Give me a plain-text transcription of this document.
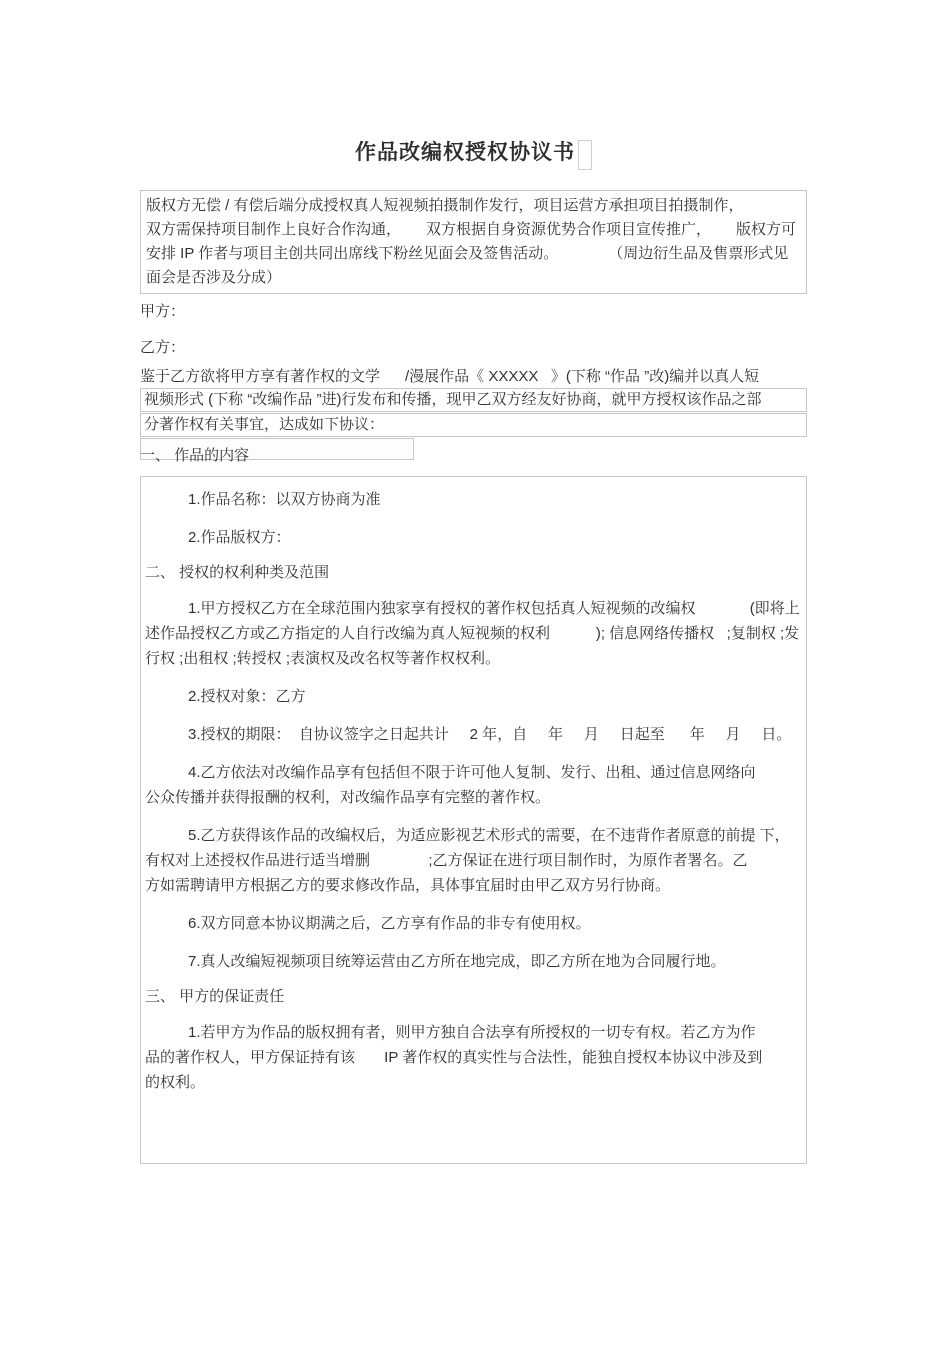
作品改编权授权协议书
版权方无偿 / 有偿后端分成授权真人短视频拍摄制作发行，项目运营方承担项目拍摄制作，
双方需保持项目制作上良好合作沟通，      双方根据自身资源优势合作项目宣传推广，      版权方可
安排 IP 作者与项目主创共同出席线下粉丝见面会及签售活动。            （周边衍生品及售票形式见
面会是否涉及分成）
甲方：
乙方：
鉴于乙方欲将甲方享有著作权的文学      /漫展作品《 XXXXX   》(下称 “作品 ”改)编并以真人短
视频形式 (下称 “改编作品 ”进)行发布和传播，现甲乙双方经友好协商，就甲方授权该作品之部
分著作权有关事宜，达成如下协议：
一、 作品的内容
1.作品名称：以双方协商为准
2.作品版权方：
二、 授权的权利种类及范围
1.甲方授权乙方在全球范围内独家享有授权的著作权包括真人短视频的改编权             (即将上
述作品授权乙方或乙方指定的人自行改编为真人短视频的权利           ); 信息网络传播权   ;复制权 ;发
行权 ;出租权 ;转授权 ;表演权及改名权等著作权权利。
2.授权对象：乙方
3.授权的期限：  自协议签字之日起共计     2 年，自     年     月     日起至      年     月     日。
4.乙方依法对改编作品享有包括但不限于许可他人复制、发行、出租、通过信息网络向
公众传播并获得报酬的权利，对改编作品享有完整的著作权。
5.乙方获得该作品的改编权后，为适应影视艺术形式的需要，在不违背作者原意的前提 下，
有权对上述授权作品进行适当增删              ;乙方保证在进行项目制作时，为原作者署名。乙
方如需聘请甲方根据乙方的要求修改作品，具体事宜届时由甲乙双方另行协商。
6.双方同意本协议期满之后，乙方享有作品的非专有使用权。
7.真人改编短视频项目统筹运营由乙方所在地完成，即乙方所在地为合同履行地。
三、 甲方的保证责任
1.若甲方为作品的版权拥有者，则甲方独自合法享有所授权的一切专有权。若乙方为作
品的著作权人，甲方保证持有该       IP 著作权的真实性与合法性，能独自授权本协议中涉及到
的权利。
